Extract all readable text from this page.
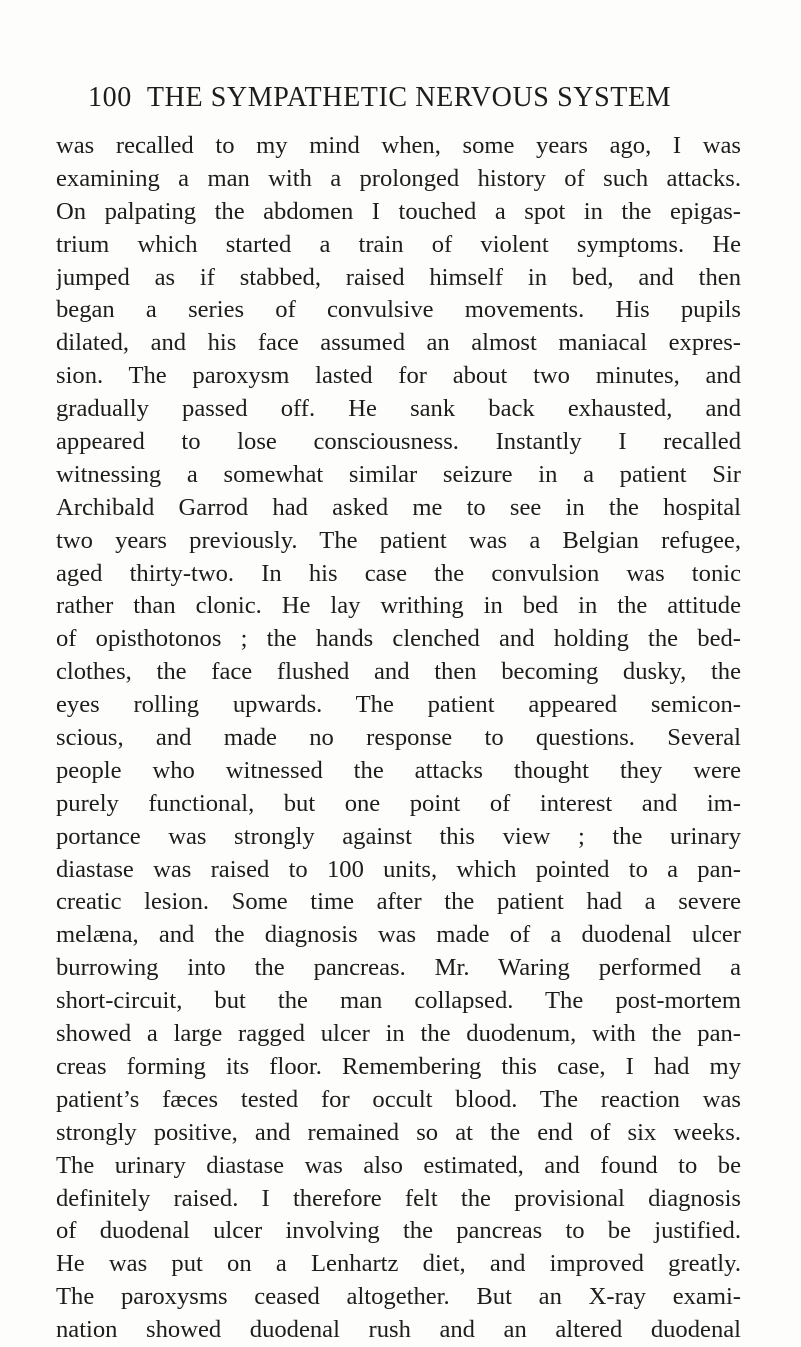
100 THE SYMPATHETIC NERVOUS SYSTEM
was recalled to my mind when, some years ago, I was
examining a man with a prolonged history of such attacks.
On palpating the abdomen I touched a spot in the epigas-
trium which started a train of violent symptoms. He
jumped as if stabbed, raised himself in bed, and then
began a series of convulsive movements. His pupils
dilated, and his face assumed an almost maniacal expres-
sion. The paroxysm lasted for about two minutes, and
gradually passed off. He sank back exhausted, and
appeared to lose consciousness. Instantly I recalled
witnessing a somewhat similar seizure in a patient Sir
Archibald Garrod had asked me to see in the hospital
two years previously. The patient was a Belgian refugee,
aged thirty-two. In his case the convulsion was tonic
rather than clonic. He lay writhing in bed in the attitude
of opisthotonos ; the hands clenched and holding the bed-
clothes, the face flushed and then becoming dusky, the
eyes rolling upwards. The patient appeared semicon-
scious, and made no response to questions. Several
people who witnessed the attacks thought they were
purely functional, but one point of interest and im-
portance was strongly against this view ; the urinary
diastase was raised to 100 units, which pointed to a pan-
creatic lesion. Some time after the patient had a severe
melæna, and the diagnosis was made of a duodenal ulcer
burrowing into the pancreas. Mr. Waring performed a
short-circuit, but the man collapsed. The post-mortem
showed a large ragged ulcer in the duodenum, with the pan-
creas forming its floor. Remembering this case, I had my
patient’s fæces tested for occult blood. The reaction was
strongly positive, and remained so at the end of six weeks.
The urinary diastase was also estimated, and found to be
definitely raised. I therefore felt the provisional diagnosis
of duodenal ulcer involving the pancreas to be justified.
He was put on a Lenhartz diet, and improved greatly.
The paroxysms ceased altogether. But an X-ray exami-
nation showed duodenal rush and an altered duodenal
